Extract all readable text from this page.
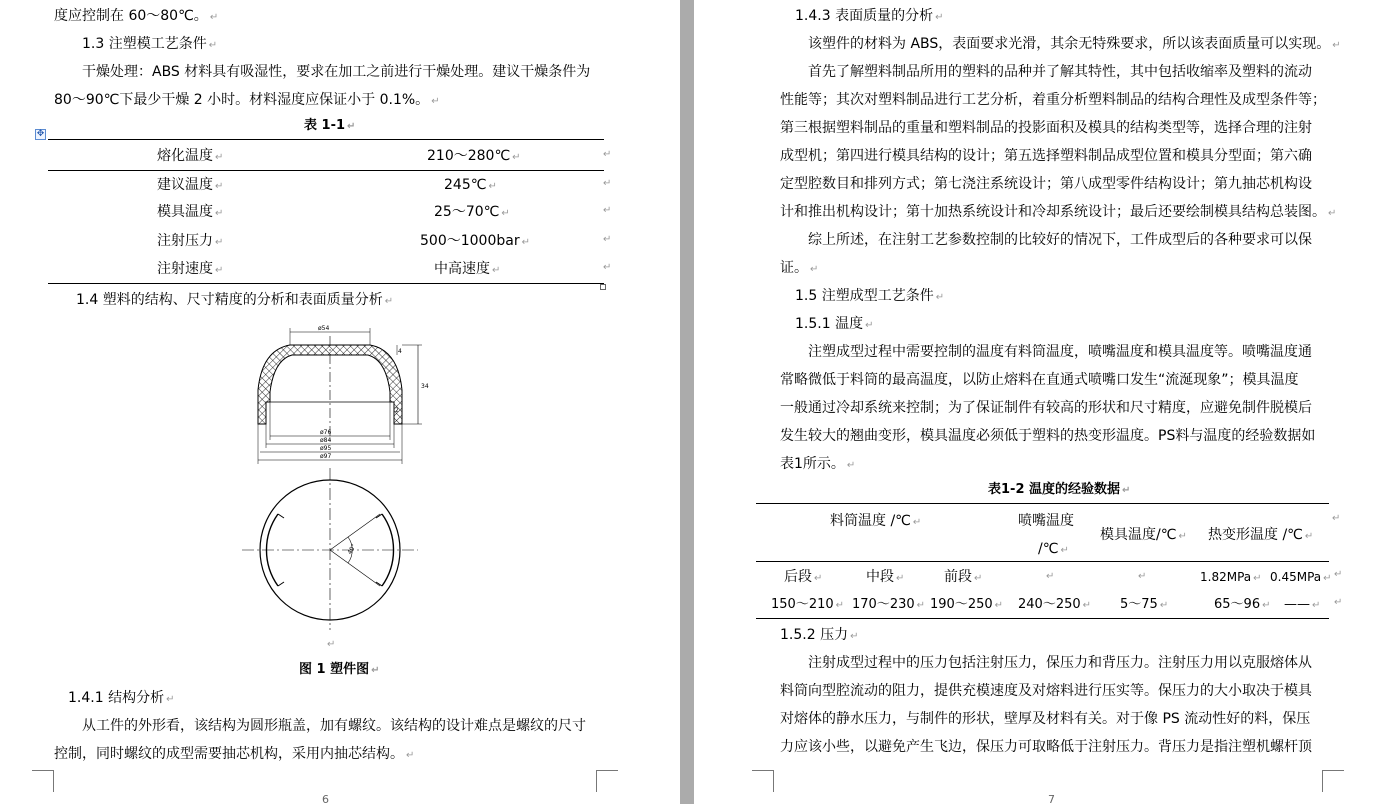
度应控制在 60～80℃。 ↵
1.3 注塑模工艺条件 ↵
干燥处理：ABS 材料具有吸湿性，要求在加工之前进行干燥处理。建议干燥条件为
80～90℃下最少干燥 2 小时。材料湿度应保证小于 0.1%。 ↵
表 1-1 ↵
✥
熔化温度 ↵	210～280℃ ↵	↵
建议温度 ↵	245℃ ↵	↵
模具温度 ↵	25～70℃ ↵	↵
注射压力 ↵	500～1000bar ↵	↵
注射速度 ↵	中高速度 ↵	↵
1.4 塑料的结构、尺寸精度的分析和表面质量分析 ↵
ø54
34
4
2
ø76
ø84
ø95
ø97
40°
↵
图 1 塑件图 ↵
1.4.1 结构分析 ↵
从工件的外形看，该结构为圆形瓶盖，加有螺纹。该结构的设计难点是螺纹的尺寸
控制，同时螺纹的成型需要抽芯机构，采用内抽芯结构。 ↵
6
1.4.3 表面质量的分析 ↵
该塑件的材料为 ABS，表面要求光滑，其余无特殊要求，所以该表面质量可以实现。 ↵
首先了解塑料制品所用的塑料的品种并了解其特性，其中包括收缩率及塑料的流动
性能等；其次对塑料制品进行工艺分析，着重分析塑料制品的结构合理性及成型条件等；
第三根据塑料制品的重量和塑料制品的投影面积及模具的结构类型等，选择合理的注射
成型机；第四进行模具结构的设计；第五选择塑料制品成型位置和模具分型面；第六确
定型腔数目和排列方式；第七浇注系统设计；第八成型零件结构设计；第九抽芯机构设
计和推出机构设计；第十加热系统设计和冷却系统设计；最后还要绘制模具结构总装图。 ↵
综上所述，在注射工艺参数控制的比较好的情况下，工件成型后的各种要求可以保
证。 ↵
1.5 注塑成型工艺条件 ↵
1.5.1 温度 ↵
注塑成型过程中需要控制的温度有料筒温度，喷嘴温度和模具温度等。喷嘴温度通
常略微低于料筒的最高温度，以防止熔料在直通式喷嘴口发生“流涎现象”；模具温度
一般通过冷却系统来控制；为了保证制件有较高的形状和尺寸精度，应避免制件脱模后
发生较大的翘曲变形，模具温度必须低于塑料的热变形温度。PS料与温度的经验数据如
表1所示。 ↵
表1-2 温度的经验数据 ↵
料筒温度 /℃ ↵	喷嘴温度
/℃ ↵
模具温度/℃ ↵ 热变形温度 /℃ ↵
↵
后段 ↵	中段 ↵	前段 ↵	↵	↵	1.82MPa ↵ 0.45MPa ↵ ↵
150～210 ↵ 170～230 ↵ 190～250 ↵ 240～250 ↵ 5～75 ↵	65～96 ↵ —— ↵ ↵
1.5.2 压力 ↵
注射成型过程中的压力包括注射压力，保压力和背压力。注射压力用以克服熔体从
料筒向型腔流动的阻力，提供充模速度及对熔料进行压实等。保压力的大小取决于模具
对熔体的静水压力，与制件的形状，壁厚及材料有关。对于像 PS 流动性好的料，保压
力应该小些，以避免产生飞边，保压力可取略低于注射压力。背压力是指注塑机螺杆顶
7
